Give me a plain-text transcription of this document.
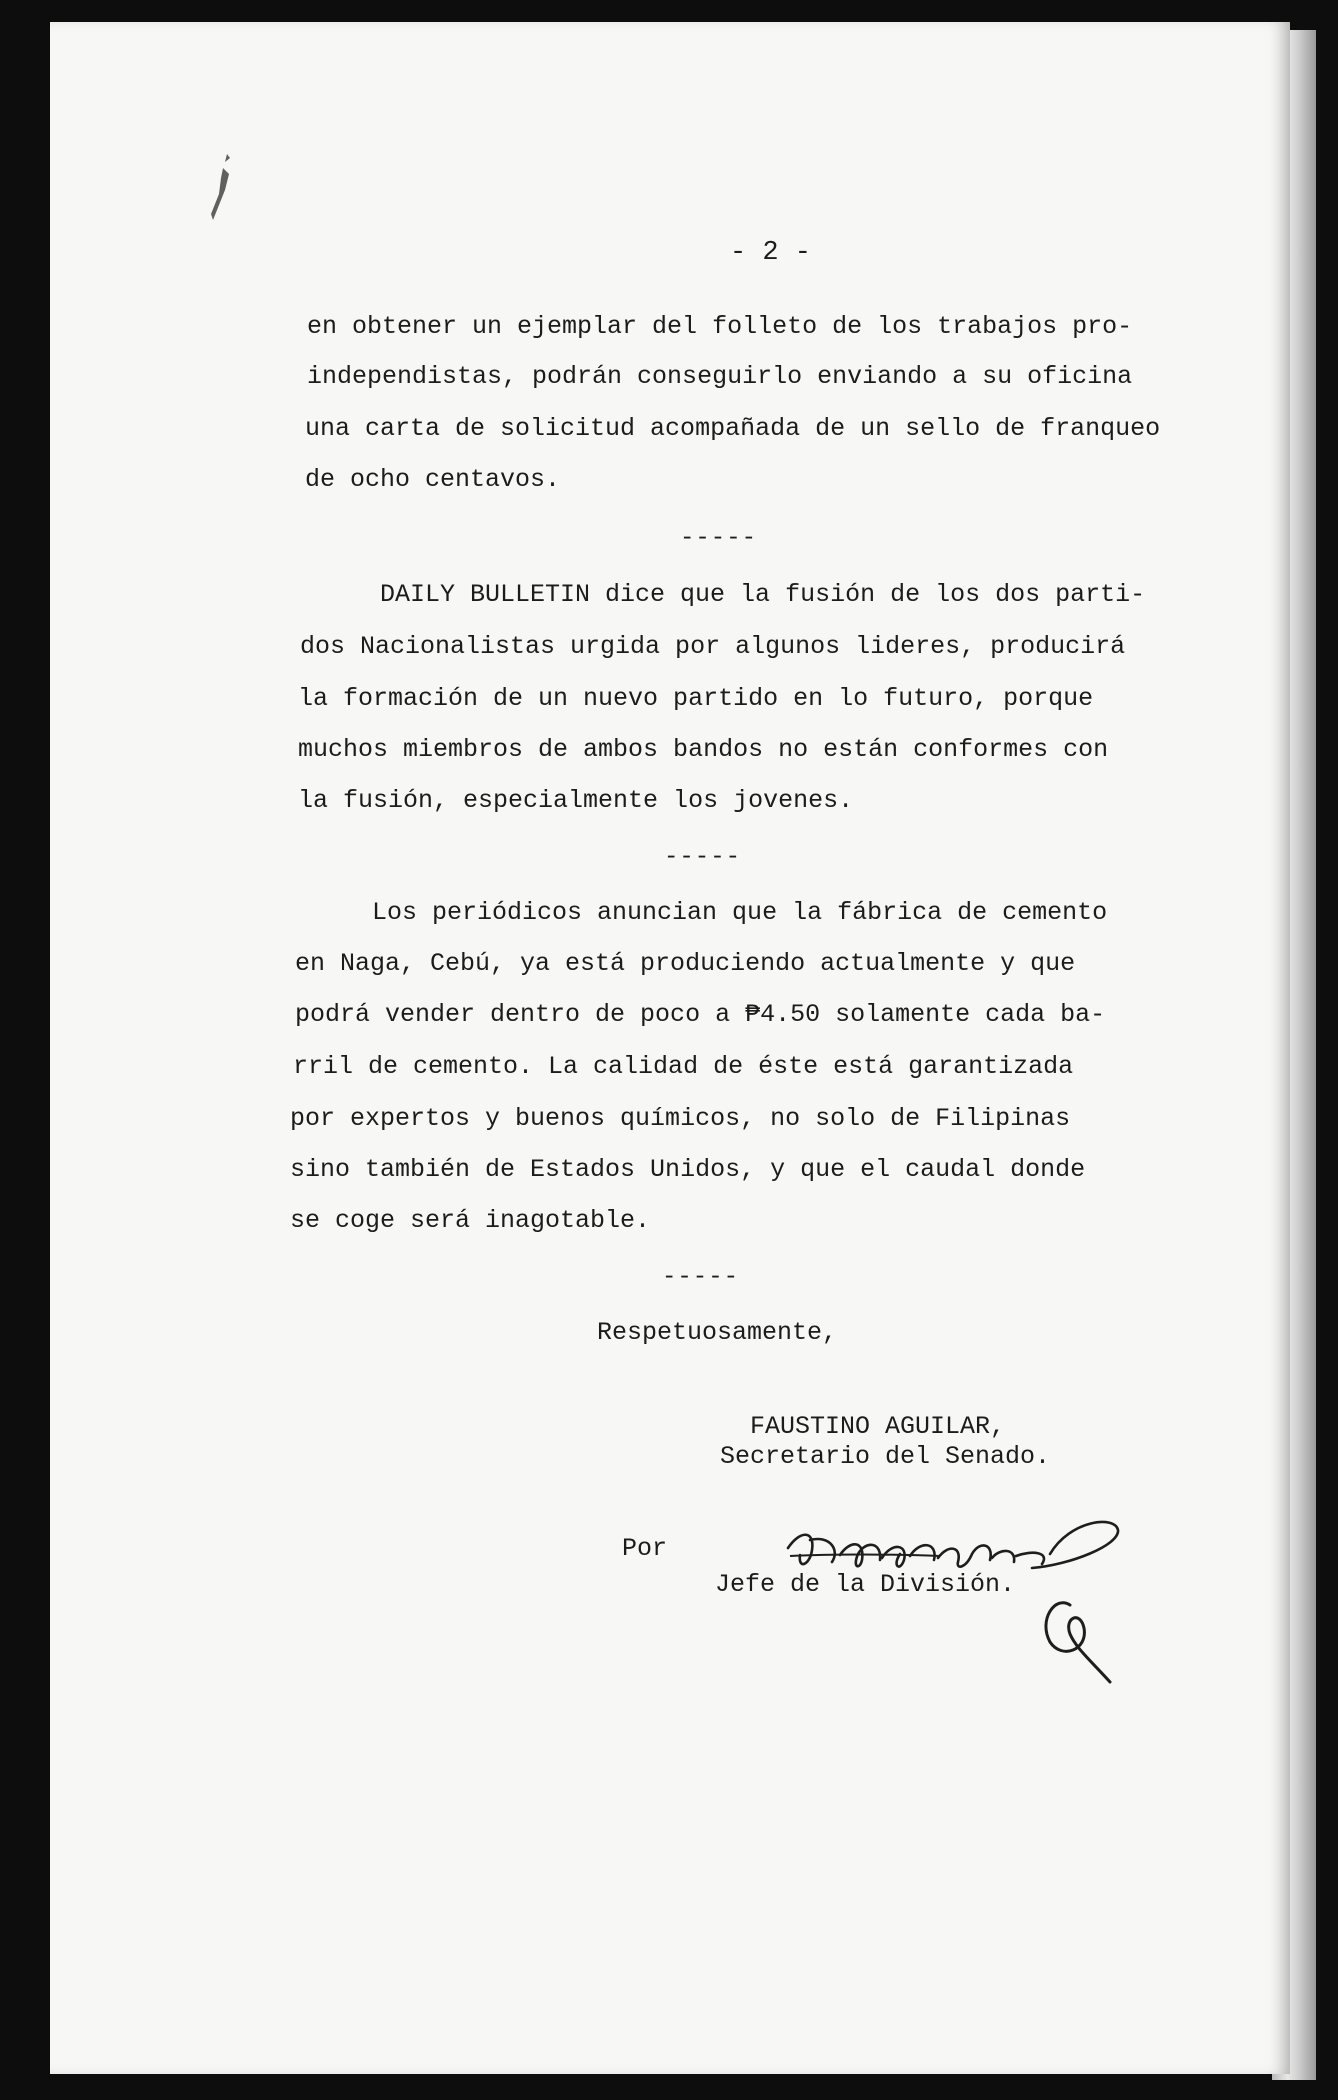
- 2 -
en obtener un ejemplar del folleto de los trabajos pro-
independistas, podrán conseguirlo enviando a su oficina
una carta de solicitud acompañada de un sello de franqueo
de ocho centavos.
-----
DAILY BULLETIN dice que la fusión de los dos parti-
dos Nacionalistas urgida por algunos lideres, producirá
la formación de un nuevo partido en lo futuro, porque
muchos miembros de ambos bandos no están conformes con
la fusión, especialmente los jovenes.
-----
Los periódicos anuncian que la fábrica de cemento
en Naga, Cebú, ya está produciendo actualmente y que
podrá vender dentro de poco a ₱4.50 solamente cada ba-
rril de cemento. La calidad de éste está garantizada
por expertos y buenos químicos, no solo de Filipinas
sino también de Estados Unidos, y que el caudal donde
se coge será inagotable.
-----
Respetuosamente,
FAUSTINO AGUILAR,
Secretario del Senado.
Por
Jefe de la División.
